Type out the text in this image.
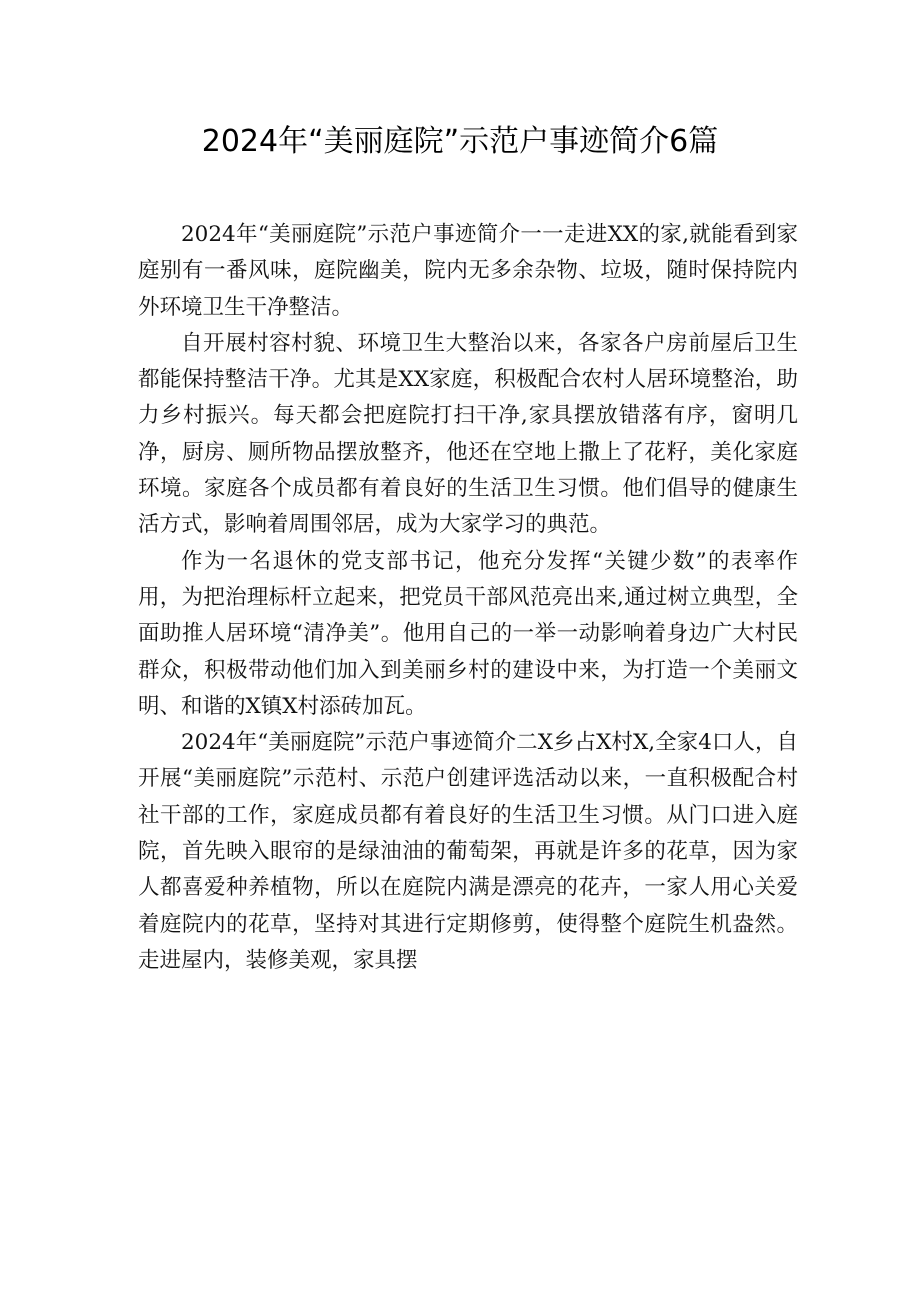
2024年“美丽庭院”示范户事迹简介6篇

2024年“美丽庭院”示范户事迹简介一一走进XX的家,就能看到家庭别有一番风味，庭院幽美，院内无多余杂物、垃圾，随时保持院内外环境卫生干净整洁。

自开展村容村貌、环境卫生大整治以来，各家各户房前屋后卫生都能保持整洁干净。尤其是XX家庭，积极配合农村人居环境整治，助力乡村振兴。每天都会把庭院打扫干净,家具摆放错落有序，窗明几净，厨房、厕所物品摆放整齐，他还在空地上撒上了花籽，美化家庭环境。家庭各个成员都有着良好的生活卫生习惯。他们倡导的健康生活方式，影响着周围邻居，成为大家学习的典范。

作为一名退休的党支部书记，他充分发挥“关键少数”的表率作用，为把治理标杆立起来，把党员干部风范亮出来,通过树立典型，全面助推人居环境“清净美”。他用自己的一举一动影响着身边广大村民群众，积极带动他们加入到美丽乡村的建设中来，为打造一个美丽文明、和谐的X镇X村添砖加瓦。

2024年“美丽庭院”示范户事迹简介二X乡占X村X,全家4口人，自开展“美丽庭院”示范村、示范户创建评选活动以来，一直积极配合村社干部的工作，家庭成员都有着良好的生活卫生习惯。从门口进入庭院，首先映入眼帘的是绿油油的葡萄架，再就是许多的花草，因为家人都喜爱种养植物，所以在庭院内满是漂亮的花卉，一家人用心关爱着庭院内的花草，坚持对其进行定期修剪，使得整个庭院生机盎然。走进屋内，装修美观，家具摆
